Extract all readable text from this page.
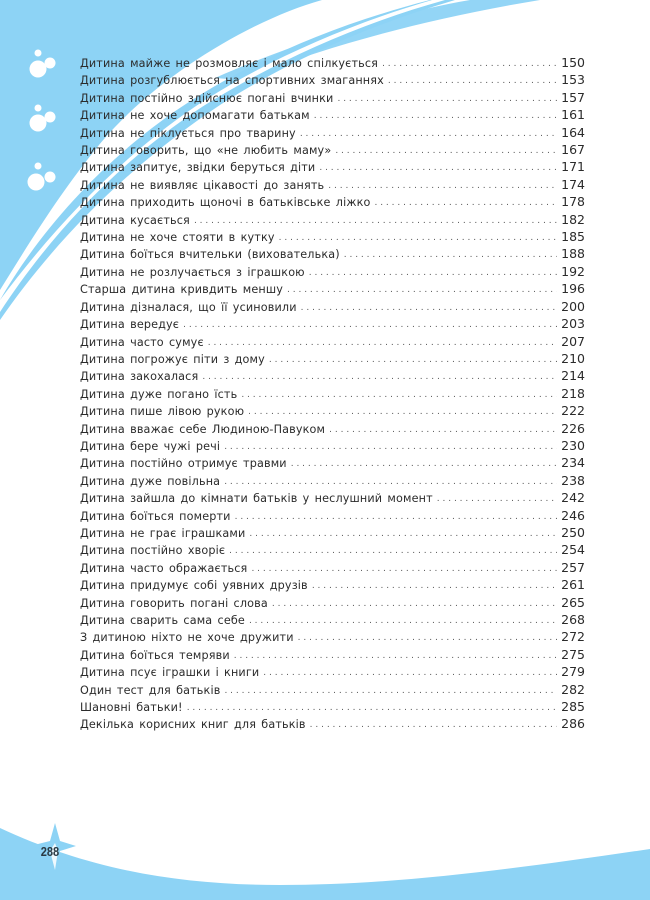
Дитина майже не розмовляє і мало спілкується . . .	150
Дитина розгублюється на спортивних змаганнях . . .	153
Дитина постійно здійснює погані вчинки . . .	157
Дитина не хоче допомагати батькам . . .	161
Дитина не піклується про тварину . . .	164
Дитина говорить, що «не любить маму» . . .	167
Дитина запитує, звідки беруться діти . . .	171
Дитина не виявляє цікавості до занять . . .	174
Дитина приходить щоночі в батьківське ліжко . . .	178
Дитина кусається . . .	182
Дитина не хоче стояти в кутку . . .	185
Дитина боїться вчительки (вихователька) . . .	188
Дитина не розлучається з іграшкою . . .	192
Старша дитина кривдить меншу . . .	196
Дитина дізналася, що її усиновили . . .	200
Дитина вередує . . .	203
Дитина часто сумує . . .	207
Дитина погрожує піти з дому . . .	210
Дитина закохалася . . .	214
Дитина дуже погано їсть . . .	218
Дитина пише лівою рукою . . .	222
Дитина вважає себе Людиною-Павуком . . .	226
Дитина бере чужі речі . . .	230
Дитина постійно отримує травми . . .	234
Дитина дуже повільна . . .	238
Дитина зайшла до кімнати батьків у неслушний момент . . .	242
Дитина боїться померти . . .	246
Дитина не грає іграшками . . .	250
Дитина постійно хворіє . . .	254
Дитина часто ображається . . .	257
Дитина придумує собі уявних друзів . . .	261
Дитина говорить погані слова . . .	265
Дитина сварить сама себе . . .	268
З дитиною ніхто не хоче дружити . . .	272
Дитина боїться темряви . . .	275
Дитина псує іграшки і книги . . .	279
Один тест для батьків . . .	282
Шановні батьки! . . .	285
Декілька корисних книг для батьків . . .	286
288
